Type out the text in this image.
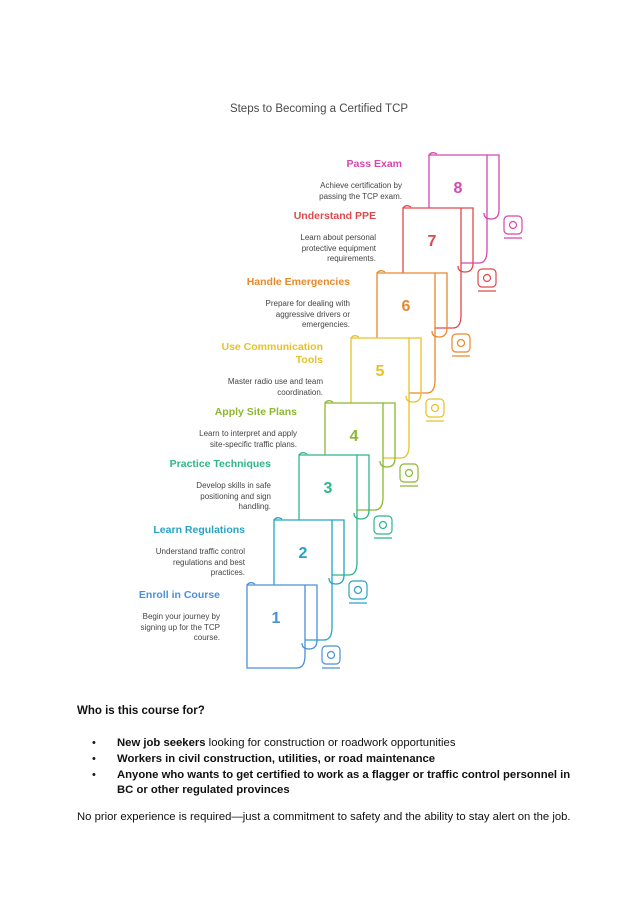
8
7
6
5
4
3
2
1
Steps to Becoming a Certified TCP
Pass Exam
Achieve certification by
passing the TCP exam.
Understand PPE
Learn about personal
protective equipment
requirements.
Handle Emergencies
Prepare for dealing with
aggressive drivers or
emergencies.
Use Communication
Tools
Master radio use and team
coordination.
Apply Site Plans
Learn to interpret and apply
site-specific traffic plans.
Practice Techniques
Develop skills in safe
positioning and sign
handling.
Learn Regulations
Understand traffic control
regulations and best
practices.
Enroll in Course
Begin your journey by
signing up for the TCP
course.
Who is this course for?
• New job seekers looking for construction or roadwork opportunities
• Workers in civil construction, utilities, or road maintenance
• Anyone who wants to get certified to work as a flagger or traffic control personnel in BC or other regulated provinces
No prior experience is required—just a commitment to safety and the ability to stay alert on the job.
